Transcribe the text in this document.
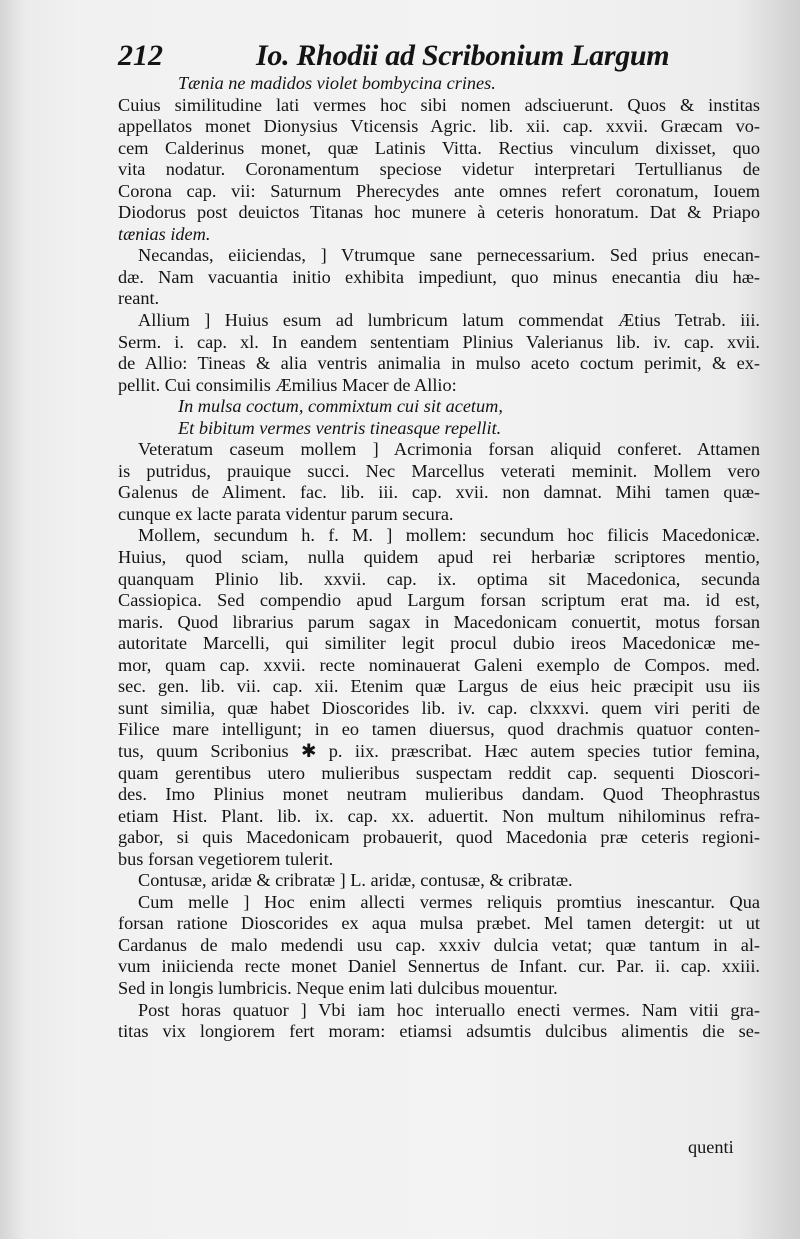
212	Io. Rhodii ad Scribonium Largum
Tænia ne madidos violet bombycina crines.
Cuius similitudine lati vermes hoc sibi nomen adsciuerunt. Quos & institas
appellatos monet Dionysius Vticensis Agric. lib. xii. cap. xxvii. Græcam vo-
cem Calderinus monet, quæ Latinis Vitta. Rectius vinculum dixisset, quo
vita nodatur. Coronamentum speciose videtur interpretari Tertullianus de
Corona cap. vii: Saturnum Pherecydes ante omnes refert coronatum, Iouem
Diodorus post deuictos Titanas hoc munere à ceteris honoratum. Dat & Priapo
tænias idem.
Necandas, eiiciendas, ] Vtrumque sane pernecessarium. Sed prius enecan-
dæ. Nam vacuantia initio exhibita impediunt, quo minus enecantia diu hæ-
reant.
Allium ] Huius esum ad lumbricum latum commendat Ætius Tetrab. iii.
Serm. i. cap. xl. In eandem sententiam Plinius Valerianus lib. iv. cap. xvii.
de Allio: Tineas & alia ventris animalia in mulso aceto coctum perimit, & ex-
pellit. Cui consimilis Æmilius Macer de Allio:
In mulsa coctum, commixtum cui sit acetum,
Et bibitum vermes ventris tineasque repellit.
Veteratum caseum mollem ] Acrimonia forsan aliquid conferet. Attamen
is putridus, prauique succi. Nec Marcellus veterati meminit. Mollem vero
Galenus de Aliment. fac. lib. iii. cap. xvii. non damnat. Mihi tamen quæ-
cunque ex lacte parata videntur parum secura.
Mollem, secundum h. f. M. ] mollem: secundum hoc filicis Macedonicæ.
Huius, quod sciam, nulla quidem apud rei herbariæ scriptores mentio,
quanquam Plinio lib. xxvii. cap. ix. optima sit Macedonica, secunda
Cassiopica. Sed compendio apud Largum forsan scriptum erat ma. id est,
maris. Quod librarius parum sagax in Macedonicam conuertit, motus forsan
autoritate Marcelli, qui similiter legit procul dubio ireos Macedonicæ me-
mor, quam cap. xxvii. recte nominauerat Galeni exemplo de Compos. med.
sec. gen. lib. vii. cap. xii. Etenim quæ Largus de eius heic præcipit usu iis
sunt similia, quæ habet Dioscorides lib. iv. cap. clxxxvi. quem viri periti de
Filice mare intelligunt; in eo tamen diuersus, quod drachmis quatuor conten-
tus, quum Scribonius ✱ p. iix. præscribat. Hæc autem species tutior femina,
quam gerentibus utero mulieribus suspectam reddit cap. sequenti Dioscori-
des. Imo Plinius monet neutram mulieribus dandam. Quod Theophrastus
etiam Hist. Plant. lib. ix. cap. xx. aduertit. Non multum nihilominus refra-
gabor, si quis Macedonicam probauerit, quod Macedonia præ ceteris regioni-
bus forsan vegetiorem tulerit.
Contusæ, aridæ & cribratæ ] L. aridæ, contusæ, & cribratæ.
Cum melle ] Hoc enim allecti vermes reliquis promtius inescantur. Qua
forsan ratione Dioscorides ex aqua mulsa præbet. Mel tamen detergit: ut ut
Cardanus de malo medendi usu cap. xxxiv dulcia vetat; quæ tantum in al-
vum iniicienda recte monet Daniel Sennertus de Infant. cur. Par. ii. cap. xxiii.
Sed in longis lumbricis. Neque enim lati dulcibus mouentur.
Post horas quatuor ] Vbi iam hoc interuallo enecti vermes. Nam vitii gra-
titas vix longiorem fert moram: etiamsi adsumtis dulcibus alimentis die se-
quenti
